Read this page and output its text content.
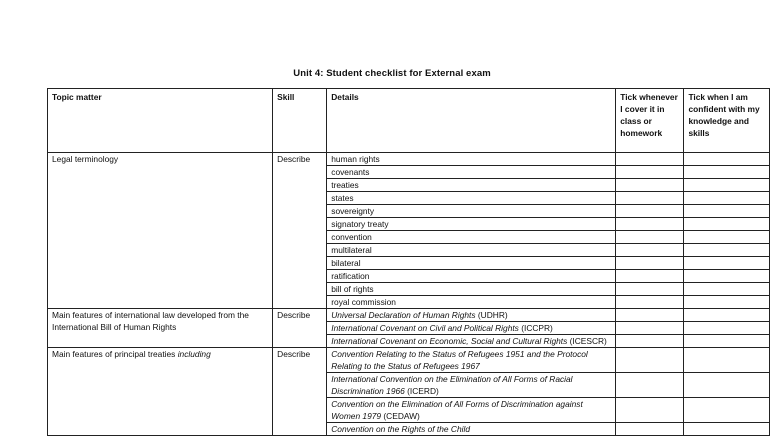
Unit 4: Student checklist for External exam
Topic matter	Skill	Details	Tick whenever I cover it in class or homework	Tick when I am confident with my knowledge and skills
Legal terminology	Describe	human rights		
		covenants		
		treaties		
		states		
		sovereignty		
		signatory treaty		
		convention		
		multilateral		
		bilateral		
		ratification		
		bill of rights		
		royal commission		
Main features of international law developed from the International Bill of Human Rights	Describe	Universal Declaration of Human Rights (UDHR)		
		International Covenant on Civil and Political Rights (ICCPR)		
		International Covenant on Economic, Social and Cultural Rights (ICESCR)		
Main features of principal treaties including	Describe	Convention Relating to the Status of Refugees 1951 and the Protocol Relating to the Status of Refugees 1967		
		International Convention on the Elimination of All Forms of Racial Discrimination 1966 (ICERD)		
		Convention on the Elimination of All Forms of Discrimination against Women 1979 (CEDAW)		
		Convention on the Rights of the Child		
